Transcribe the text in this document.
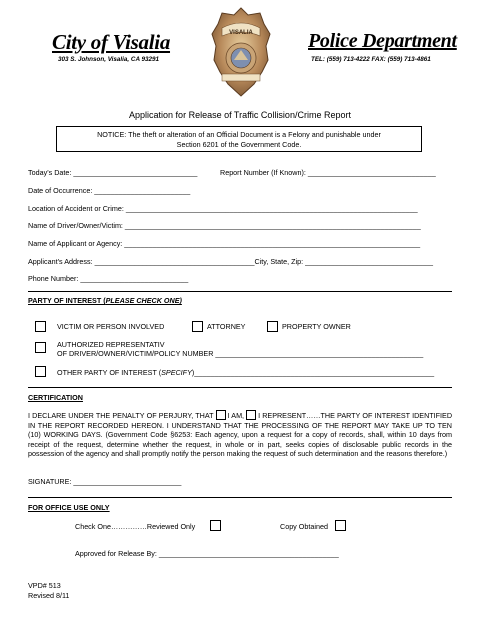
City of Visalia
303 S. Johnson, Visalia, CA 93291
Police Department
TEL: (559) 713-4222 FAX: (559) 713-4861
VISALIA
Application for Release of Traffic Collision/Crime Report
NOTICE: The theft or alteration of an Official Document is a Felony and punishable under
Section 6201 of the Government Code.
Today’s Date: _______________________________	Report Number (If Known): ________________________________
Date of Occurrence: ________________________
Location of Accident or Crime: _________________________________________________________________________
Name of Driver/Owner/Victim: __________________________________________________________________________
Name of Applicant or Agency: __________________________________________________________________________
Applicant’s Address: ________________________________________City, State, Zip: ________________________________
Phone Number: ___________________________
PARTY OF INTEREST (PLEASE CHECK ONE)
VICTIM OR PERSON INVOLVED	ATTORNEY	PROPERTY OWNER
AUTHORIZED REPRESENTATIV
OF DRIVER/OWNER/VICTIM/POLICY NUMBER ____________________________________________________
OTHER PARTY OF INTEREST (SPECIFY)____________________________________________________________
CERTIFICATION
I DECLARE UNDER THE PENALTY OF PERJURY, THAT I AM, I REPRESENT……THE PARTY OF INTEREST IDENTIFIED IN THE REPORT RECORDED HEREON. I UNDERSTAND THAT THE PROCESSING OF THE REPORT MAY TAKE UP TO TEN (10) WORKING DAYS. (Government Code §6253: Each agency, upon a request for a copy of records, shall, within 10 days from receipt of the request, determine whether the request, in whole or in part, seeks copies of disclosable public records in the possession of the agency and shall promptly notify the person making the request of such determination and the reasons therefore.)
SIGNATURE: ___________________________
FOR OFFICE USE ONLY
Check One……………Reviewed Only	Copy Obtained
Approved for Release By: _____________________________________________
VPD# 513
Revised 8/11
